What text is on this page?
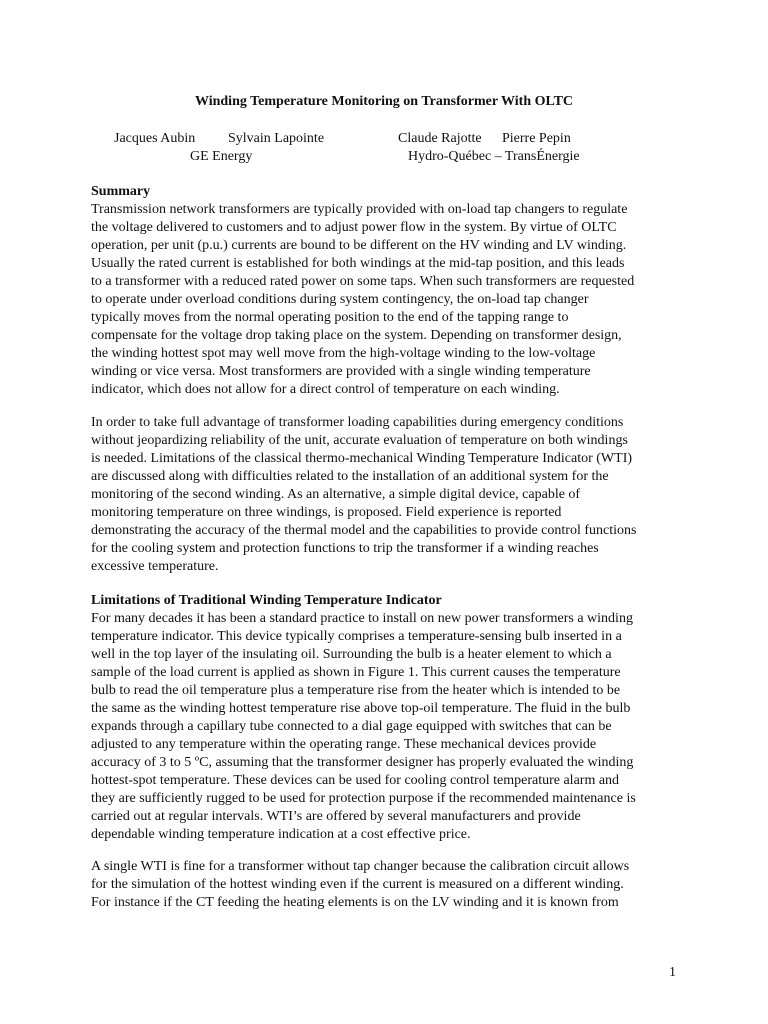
Winding Temperature Monitoring on Transformer With OLTC
Jacques Aubin Sylvain Lapointe	Claude Rajotte Pierre Pepin
GE Energy	Hydro-Québec – TransÉnergie
Summary
Transmission network transformers are typically provided with on-load tap changers to regulate
the voltage delivered to customers and to adjust power flow in the system. By virtue of OLTC
operation, per unit (p.u.) currents are bound to be different on the HV winding and LV winding.
Usually the rated current is established for both windings at the mid-tap position, and this leads
to a transformer with a reduced rated power on some taps. When such transformers are requested
to operate under overload conditions during system contingency, the on-load tap changer
typically moves from the normal operating position to the end of the tapping range to
compensate for the voltage drop taking place on the system. Depending on transformer design,
the winding hottest spot may well move from the high-voltage winding to the low-voltage
winding or vice versa. Most transformers are provided with a single winding temperature
indicator, which does not allow for a direct control of temperature on each winding.
In order to take full advantage of transformer loading capabilities during emergency conditions
without jeopardizing reliability of the unit, accurate evaluation of temperature on both windings
is needed. Limitations of the classical thermo-mechanical Winding Temperature Indicator (WTI)
are discussed along with difficulties related to the installation of an additional system for the
monitoring of the second winding. As an alternative, a simple digital device, capable of
monitoring temperature on three windings, is proposed. Field experience is reported
demonstrating the accuracy of the thermal model and the capabilities to provide control functions
for the cooling system and protection functions to trip the transformer if a winding reaches
excessive temperature.
Limitations of Traditional Winding Temperature Indicator
For many decades it has been a standard practice to install on new power transformers a winding
temperature indicator. This device typically comprises a temperature-sensing bulb inserted in a
well in the top layer of the insulating oil. Surrounding the bulb is a heater element to which a
sample of the load current is applied as shown in Figure 1. This current causes the temperature
bulb to read the oil temperature plus a temperature rise from the heater which is intended to be
the same as the winding hottest temperature rise above top-oil temperature. The fluid in the bulb
expands through a capillary tube connected to a dial gage equipped with switches that can be
adjusted to any temperature within the operating range. These mechanical devices provide
accuracy of 3 to 5 ºC, assuming that the transformer designer has properly evaluated the winding
hottest-spot temperature. These devices can be used for cooling control temperature alarm and
they are sufficiently rugged to be used for protection purpose if the recommended maintenance is
carried out at regular intervals. WTI’s are offered by several manufacturers and provide
dependable winding temperature indication at a cost effective price.
A single WTI is fine for a transformer without tap changer because the calibration circuit allows
for the simulation of the hottest winding even if the current is measured on a different winding.
For instance if the CT feeding the heating elements is on the LV winding and it is known from
1
